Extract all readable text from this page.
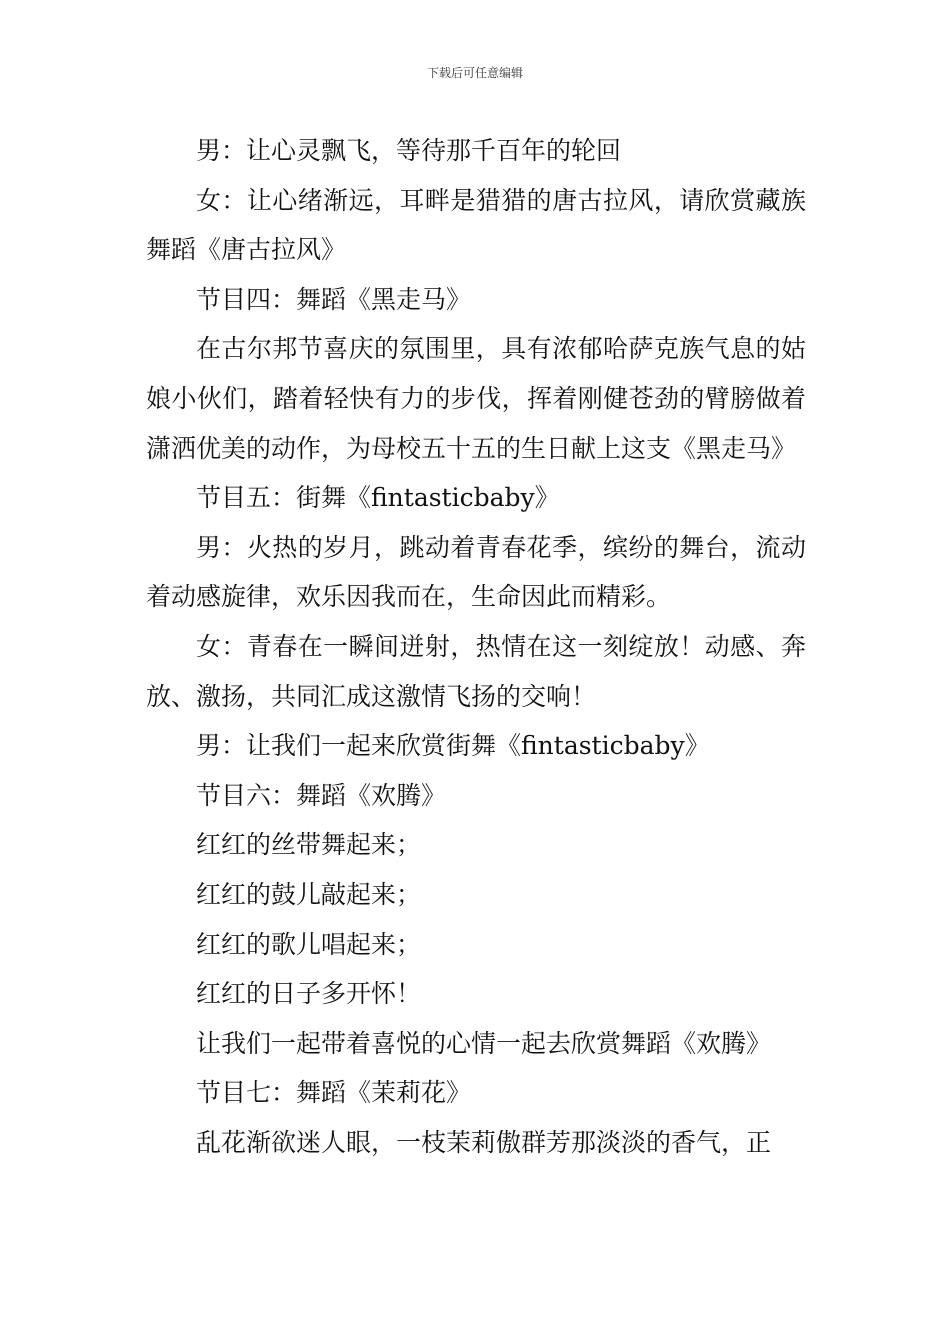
下载后可任意编辑

男：让心灵飘飞，等待那千百年的轮回

女：让心绪渐远，耳畔是猎猎的唐古拉风，请欣赏藏族舞蹈《唐古拉风》

节目四：舞蹈《黑走马》

在古尔邦节喜庆的氛围里，具有浓郁哈萨克族气息的姑娘小伙们，踏着轻快有力的步伐，挥着刚健苍劲的臂膀做着潇洒优美的动作，为母校五十五的生日献上这支《黑走马》

节目五：街舞《fintasticbaby》

男：火热的岁月，跳动着青春花季，缤纷的舞台，流动着动感旋律，欢乐因我而在，生命因此而精彩。

女：青春在一瞬间迸射，热情在这一刻绽放！动感、奔放、激扬，共同汇成这激情飞扬的交响！

男：让我们一起来欣赏街舞《fintasticbaby》

节目六：舞蹈《欢腾》

红红的丝带舞起来；

红红的鼓儿敲起来；

红红的歌儿唱起来；

红红的日子多开怀！

让我们一起带着喜悦的心情一起去欣赏舞蹈《欢腾》

节目七：舞蹈《茉莉花》

乱花渐欲迷人眼，一枝茉莉傲群芳那淡淡的香气，正
